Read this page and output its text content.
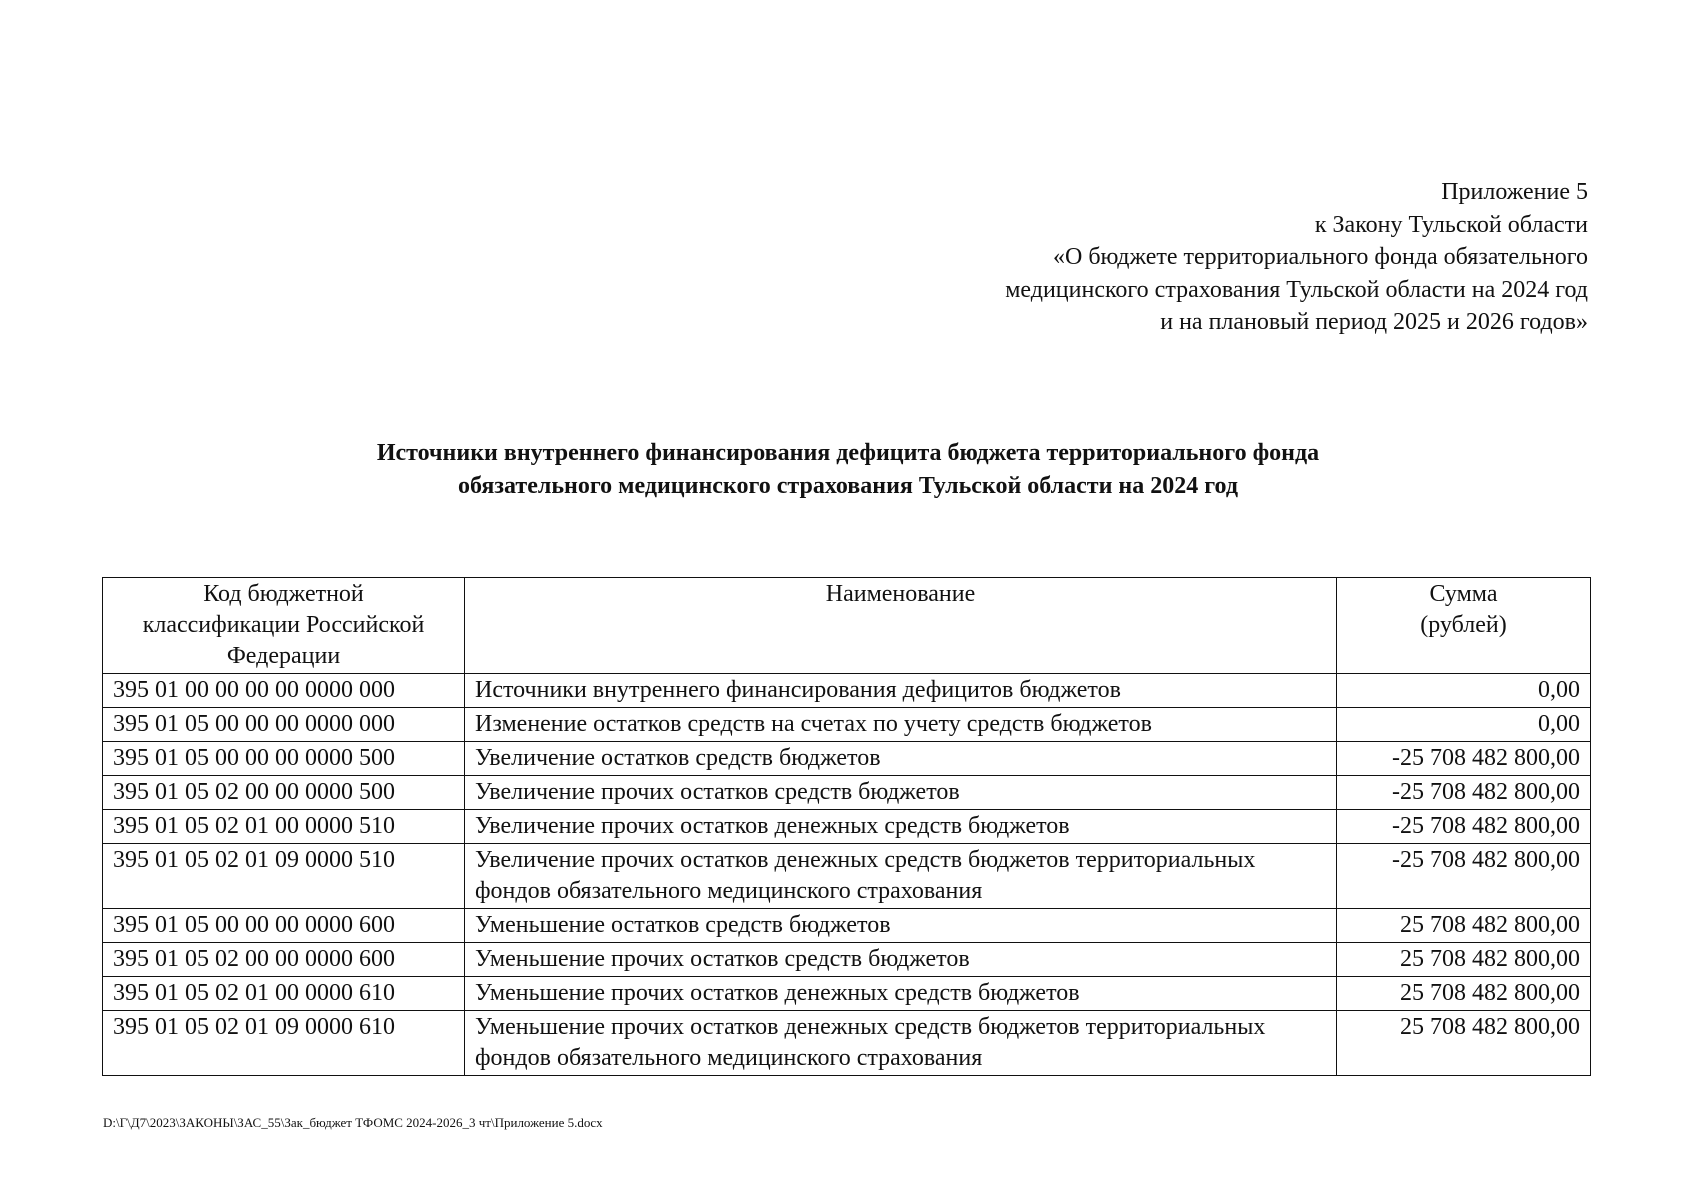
Приложение 5
к Закону Тульской области
«О бюджете территориального фонда обязательного
медицинского страхования Тульской области на 2024 год
и на плановый период 2025 и 2026 годов»
Источники внутреннего финансирования дефицита бюджета территориального фонда
обязательного медицинского страхования Тульской области на 2024 год
Код бюджетной классификации Российской Федерации	Наименование	Сумма (рублей)

395 01 00 00 00 00 0000 000	Источники внутреннего финансирования дефицитов бюджетов	0,00
395 01 05 00 00 00 0000 000	Изменение остатков средств на счетах по учету средств бюджетов	0,00
395 01 05 00 00 00 0000 500	Увеличение остатков средств бюджетов	-25 708 482 800,00
395 01 05 02 00 00 0000 500	Увеличение прочих остатков средств бюджетов	-25 708 482 800,00
395 01 05 02 01 00 0000 510	Увеличение прочих остатков денежных средств бюджетов	-25 708 482 800,00
395 01 05 02 01 09 0000 510	Увеличение прочих остатков денежных средств бюджетов территориальных фондов обязательного медицинского страхования	-25 708 482 800,00
395 01 05 00 00 00 0000 600	Уменьшение остатков средств бюджетов	25 708 482 800,00
395 01 05 02 00 00 0000 600	Уменьшение прочих остатков средств бюджетов	25 708 482 800,00
395 01 05 02 01 00 0000 610	Уменьшение прочих остатков денежных средств бюджетов	25 708 482 800,00
395 01 05 02 01 09 0000 610	Уменьшение прочих остатков денежных средств бюджетов территориальных фондов обязательного медицинского страхования	25 708 482 800,00
D:\Г\Д7\2023\ЗАКОНЫ\ЗАС_55\Зак_бюджет ТФОМС 2024-2026_3 чт\Приложение 5.docx
